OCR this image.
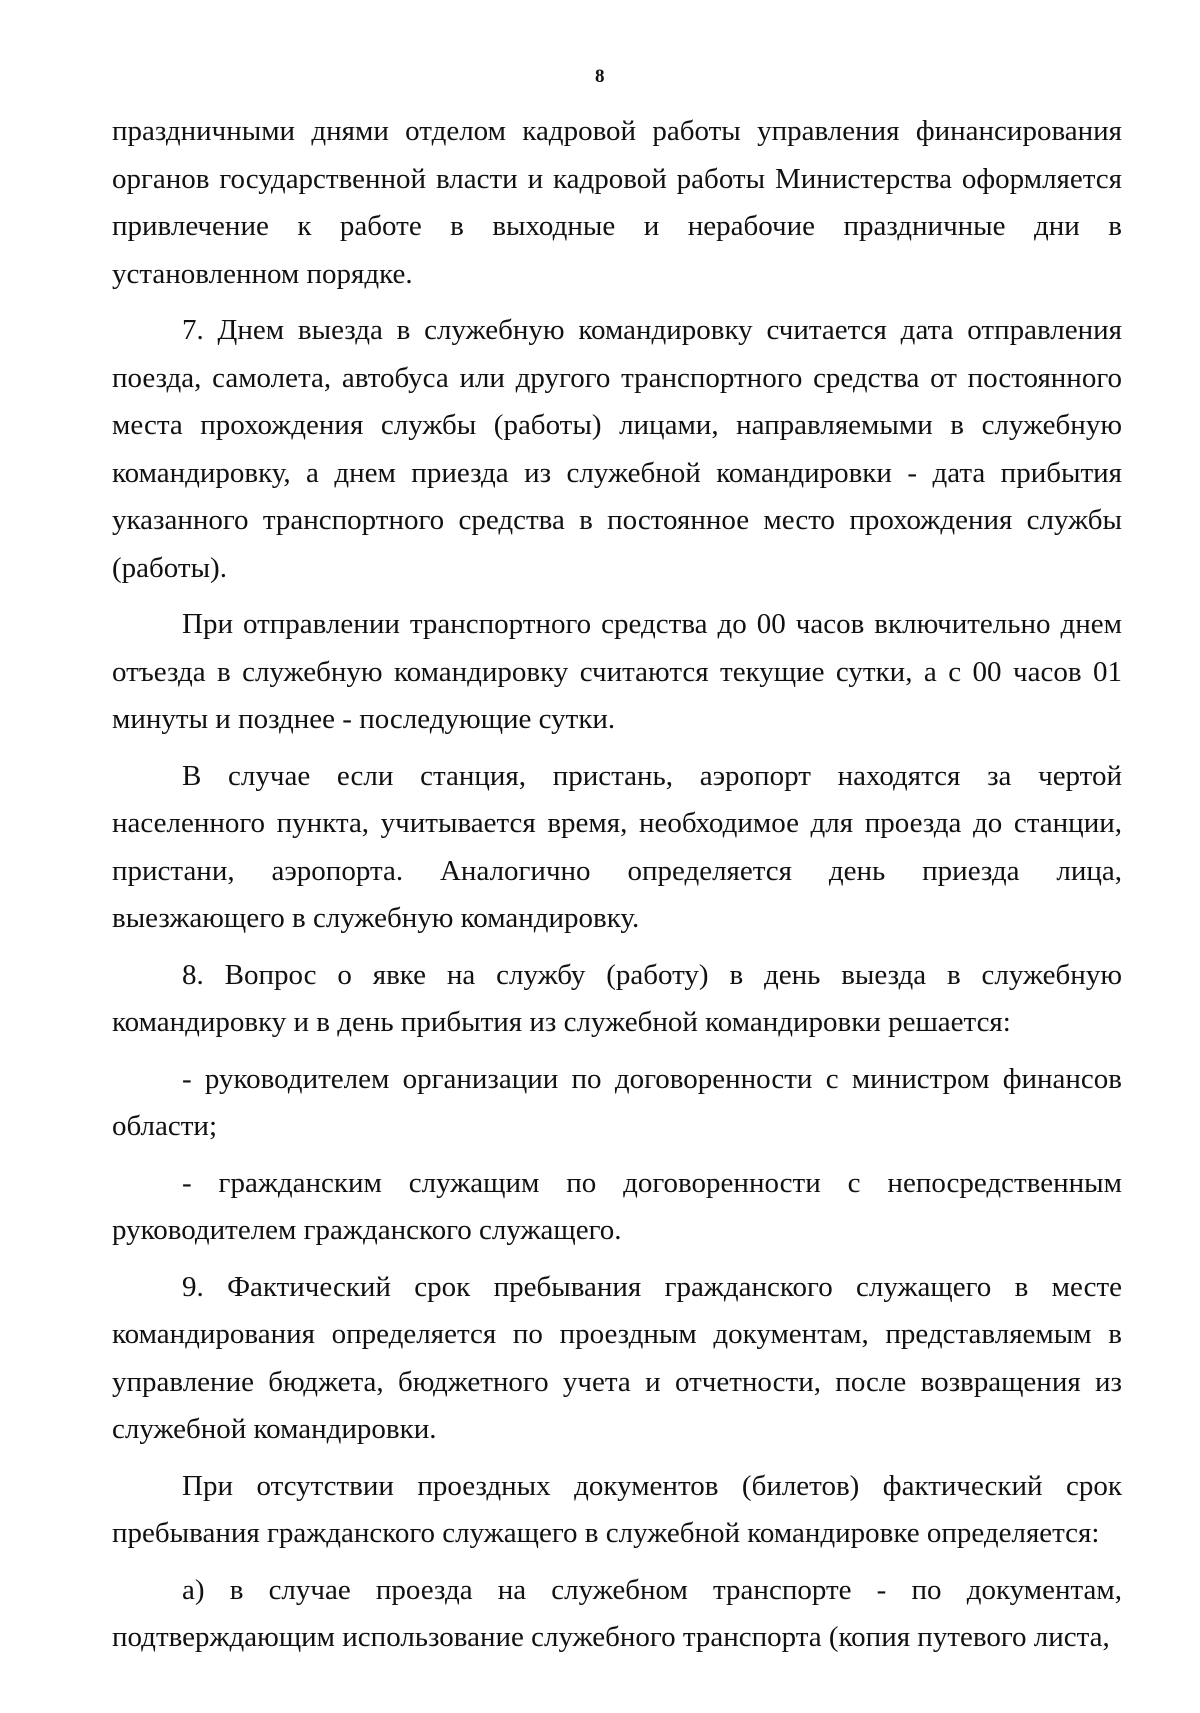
8

праздничными днями отделом кадровой работы управления финансирования органов государственной власти и кадровой работы Министерства оформляется привлечение к работе в выходные и нерабочие праздничные дни в установленном порядке.

7. Днем выезда в служебную командировку считается дата отправления поезда, самолета, автобуса или другого транспортного средства от постоянного места прохождения службы (работы) лицами, направляемыми в служебную командировку, а днем приезда из служебной командировки - дата прибытия указанного транспортного средства в постоянное место прохождения службы (работы).

При отправлении транспортного средства до 00 часов включительно днем отъезда в служебную командировку считаются текущие сутки, а с 00 часов 01 минуты и позднее - последующие сутки.

В случае если станция, пристань, аэропорт находятся за чертой населенного пункта, учитывается время, необходимое для проезда до станции, пристани, аэропорта. Аналогично определяется день приезда лица, выезжающего в служебную командировку.

8. Вопрос о явке на службу (работу) в день выезда в служебную командировку и в день прибытия из служебной командировки решается:

- руководителем организации по договоренности с министром финансов области;

- гражданским служащим по договоренности с непосредственным руководителем гражданского служащего.

9. Фактический срок пребывания гражданского служащего в месте командирования определяется по проездным документам, представляемым в управление бюджета, бюджетного учета и отчетности, после возвращения из служебной командировки.

При отсутствии проездных документов (билетов) фактический срок пребывания гражданского служащего в служебной командировке определяется:

а) в случае проезда на служебном транспорте - по документам, подтверждающим использование служебного транспорта (копия путевого листа,
